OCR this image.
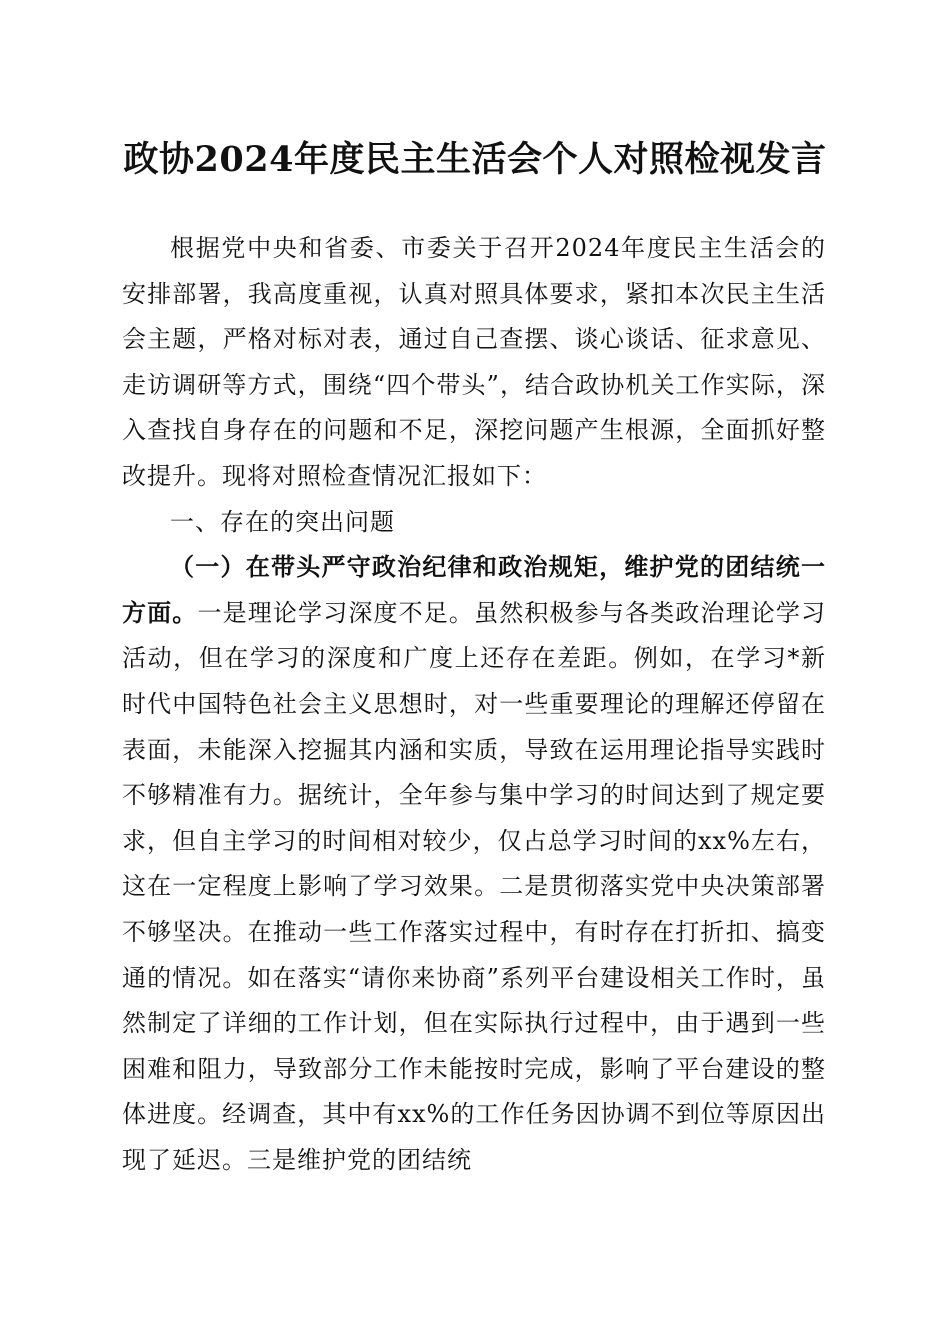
政协2024年度民主生活会个人对照检视发言

根据党中央和省委、市委关于召开2024年度民主生活会的安排部署，我高度重视，认真对照具体要求，紧扣本次民主生活会主题，严格对标对表，通过自己查摆、谈心谈话、征求意见、走访调研等方式，围绕“四个带头”，结合政协机关工作实际，深入查找自身存在的问题和不足，深挖问题产生根源，全面抓好整改提升。现将对照检查情况汇报如下：

一、存在的突出问题

（一）在带头严守政治纪律和政治规矩，维护党的团结统一方面。一是理论学习深度不足。虽然积极参与各类政治理论学习活动，但在学习的深度和广度上还存在差距。例如，在学习*新时代中国特色社会主义思想时，对一些重要理论的理解还停留在表面，未能深入挖掘其内涵和实质，导致在运用理论指导实践时不够精准有力。据统计，全年参与集中学习的时间达到了规定要求，但自主学习的时间相对较少，仅占总学习时间的xx%左右，这在一定程度上影响了学习效果。二是贯彻落实党中央决策部署不够坚决。在推动一些工作落实过程中，有时存在打折扣、搞变通的情况。如在落实“请你来协商”系列平台建设相关工作时，虽然制定了详细的工作计划，但在实际执行过程中，由于遇到一些困难和阻力，导致部分工作未能按时完成，影响了平台建设的整体进度。经调查，其中有xx%的工作任务因协调不到位等原因出现了延迟。三是维护党的团结统
